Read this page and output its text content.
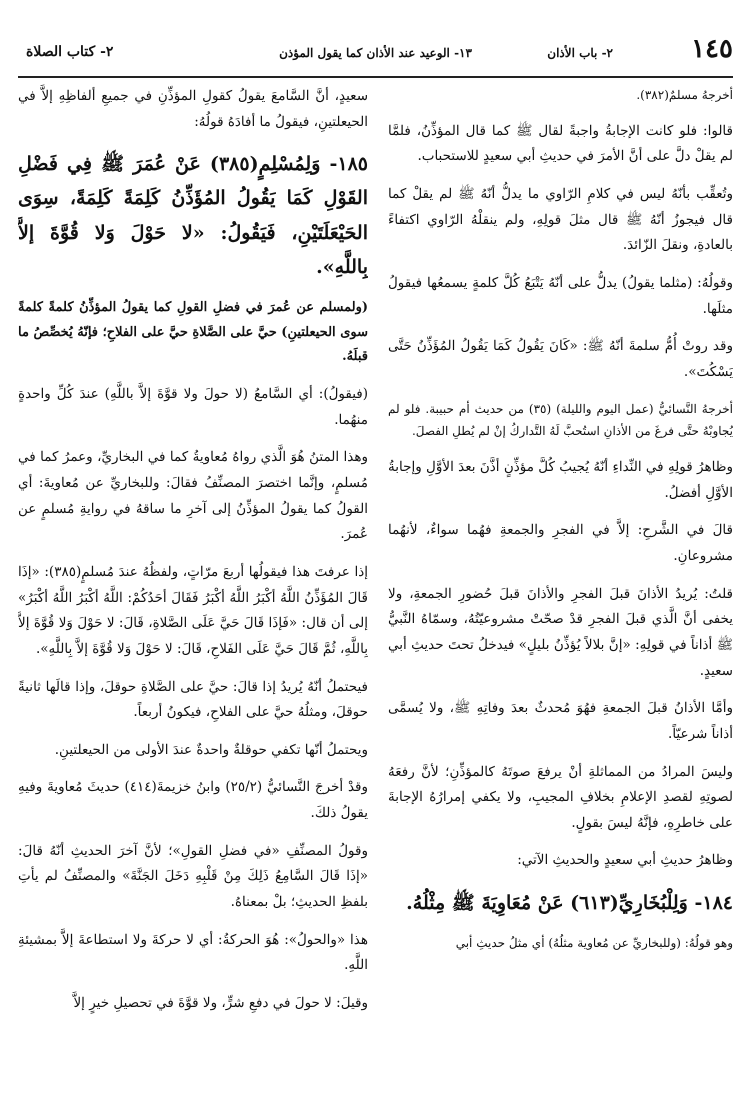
١٤٥
٢- باب الأذان
١٣- الوعيد عند الأذان كما يقول المؤذن
٢- كتاب الصلاة

أخرجهُ مسلمٌ(٣٨٢).

قالوا: فلو كانت الإجابةُ واجبةً لقال ﷺ كما قال المؤذِّنُ، فلمَّا لم يقلْ دلَّ على أنَّ الأمرَ في حديثِ أبي سعيدٍ للاستحباب.

وتُعقِّب بأنّهُ ليس في كلامِ الرّاوي ما يدلُّ أنّهُ ﷺ لم يقلْ كما قال فيجوزُ أنّهُ ﷺ قال مثلَ قولِهِ، ولم ينقلْهُ الرّاوي اكتفاءً بالعادةِ، ونقلَ الزّائدَ.

وقولُهُ: (مثلما يقولُ) يدلُّ على أنّهُ يَتْبَعُ كُلَّ كلمةٍ يسمعُها فيقولُ مثلَها.

وقد روتْ أُمُّ سلمةَ أنّهُ ﷺ: «كَانَ يَقُولُ كَمَا يَقُولُ المُؤَذِّنُ حَتَّى يَسْكُتَ».

أخرجهُ النَّسائيُّ (عمل اليوم والليلة) (٣٥) من حديث أم حبيبة. فلو لم يُجاوبْهُ حتَّى فرغَ من الأذانِ استُحبَّ لَهُ التَّداركُ إنْ لم يُطلِ الفصلَ.

وظاهرُ قولِهِ في النِّداءِ أنّهُ يُجيبُ كُلَّ مؤذِّنٍ أذَّنَ بعدَ الأوَّلِ وإجابةُ الأوَّلِ أفضلُ.

قالَ في الشَّرحِ: إلاَّ في الفجرِ والجمعةِ فهُما سواءٌ، لأنهُما مشروعانِ.

قلتُ: يُريدُ الأذانَ قبلَ الفجرِ والأذانَ قبلَ حُضورِ الجمعةِ، ولا يخفى أنَّ الَّذي قبلَ الفجرِ قدْ صحّتْ مشروعيّتُهُ، وسمّاهُ النَّبيُّ ﷺ أذاناً في قولِهِ: «إنَّ بلالاً يُؤذِّنُ بليلٍ» فيدخلُ تحتَ حديثِ أبي سعيدٍ.

وأمَّا الأذانُ قبلَ الجمعةِ فهُوَ مُحدثٌ بعدَ وفاتِهِ ﷺ، ولا يُسمَّى أذاناً شرعيّاً.

وليسَ المرادُ من المماثلةِ أنْ يرفعَ صوتَهُ كالمؤذِّنِ؛ لأنَّ رفعَهُ لصوتِهِ لقصدِ الإعلامِ بخلافِ المجيبِ، ولا يكفي إمرارُهُ الإجابةَ على خاطرِهِ، فإنَّهُ ليسَ بقولٍ.

وظاهرُ حديثِ أبي سعيدٍ والحديثِ الآتي:

١٨٤- وَلِلْبُخَارِيِّ(٦١٣) عَنْ مُعَاوِيَةَ ﷺ مِثْلُهُ.

وهو قولُهُ: (وللبخاريِّ عن مُعاوية مثلُهُ) أي مثلُ حديثِ أبي

سعيدٍ، أنَّ السَّامعَ يقولُ كقولِ المؤذِّنِ في جميعِ ألفاظِهِ إلاَّ في الحيعلتينِ، فيقولُ ما أفادَهُ قولُهُ:

١٨٥- وَلِمُسْلِمٍ(٣٨٥) عَنْ عُمَرَ ﷺ فِي فَضْلِ القَوْلِ كَمَا يَقُولُ المُؤَذِّنُ كَلِمَةً كَلِمَةً، سِوَى الحَيْعَلَتَيْنِ، فَيَقُولُ: «لا حَوْلَ وَلا قُوَّةَ إلاَّ بِاللَّهِ».

(ولمسلم عن عُمرَ في فضلِ القولِ كما يقولُ المؤذِّنُ كلمةً كلمةً سوى الحيعلتينِ) حيَّ على الصَّلاةِ حيَّ على الفلاحِ؛ فإنّهُ يُخصِّصُ ما قبلَهُ.

(فيقولُ): أي السَّامعُ (لا حولَ ولا قوَّةَ إلاَّ باللَّهِ) عندَ كُلِّ واحدةٍ منهُما.

وهذا المتنُ هُوَ الَّذي رواهُ مُعاويةُ كما في البخاريِّ، وعمرُ كما في مُسلمٍ، وإنَّما اختصرَ المصنِّفُ فقالَ: وللبخاريِّ عن مُعاويةَ: أي القولُ كما يقولُ المؤذِّنُ إلى آخرِ ما ساقهُ في روايةِ مُسلمٍ عن عُمرَ.

إذا عرفتَ هذا فيقولُها أربعَ مرّاتٍ، ولفظُهُ عندَ مُسلمٍ(٣٨٥): «إذَا قَالَ المُؤَذِّنُ اللَّهُ أكْبَرُ اللَّهُ أكْبَرُ فَقَالَ أحَدُكُمْ: اللَّهُ أكْبَرُ اللَّهُ أكْبَرُ» إلى أن قال: «فَإذَا قَالَ حَيَّ عَلَى الصَّلاةِ، قَالَ: لا حَوْلَ وَلا قُوَّةَ إلاَّ بِاللَّهِ، ثُمَّ قَالَ حَيَّ عَلَى الفَلاحِ، قَالَ: لا حَوْلَ وَلا قُوَّةَ إلاَّ بِاللَّهِ».

فيحتملُ أنّهُ يُريدُ إذا قالَ: حيَّ على الصَّلاةِ حوقلَ، وإذا قالَها ثانيةً حوقلَ، ومثلُهُ حيَّ على الفلاحِ، فيكونُ أربعاً.

ويحتملُ أنّها تكفي حوقلةٌ واحدةٌ عندَ الأولى من الحيعلتينِ.

وقدْ أخرجَ النَّسائيُّ (٢٥/٢) وابنُ خزيمةَ(٤١٤) حديثَ مُعاويةَ وفيهِ يقولُ ذلكَ.

وقولُ المصنِّفِ «في فضلِ القولِ»؛ لأنَّ آخرَ الحديثِ أنّهُ قالَ: «إذَا قَالَ السَّامِعُ ذَلِكَ مِنْ قَلْبِهِ دَخَلَ الجَنَّةَ» والمصنِّفُ لم يأتِ بلفظِ الحديثِ؛ بلْ بمعناهُ.

هذا «والحولُ»: هُوَ الحركةُ: أي لا حركةَ ولا استطاعةَ إلاَّ بمشيئةِ اللَّهِ.

وقيلَ: لا حولَ في دفعِ شرٍّ، ولا قوَّةَ في تحصيلِ خيرٍ إلاَّ
